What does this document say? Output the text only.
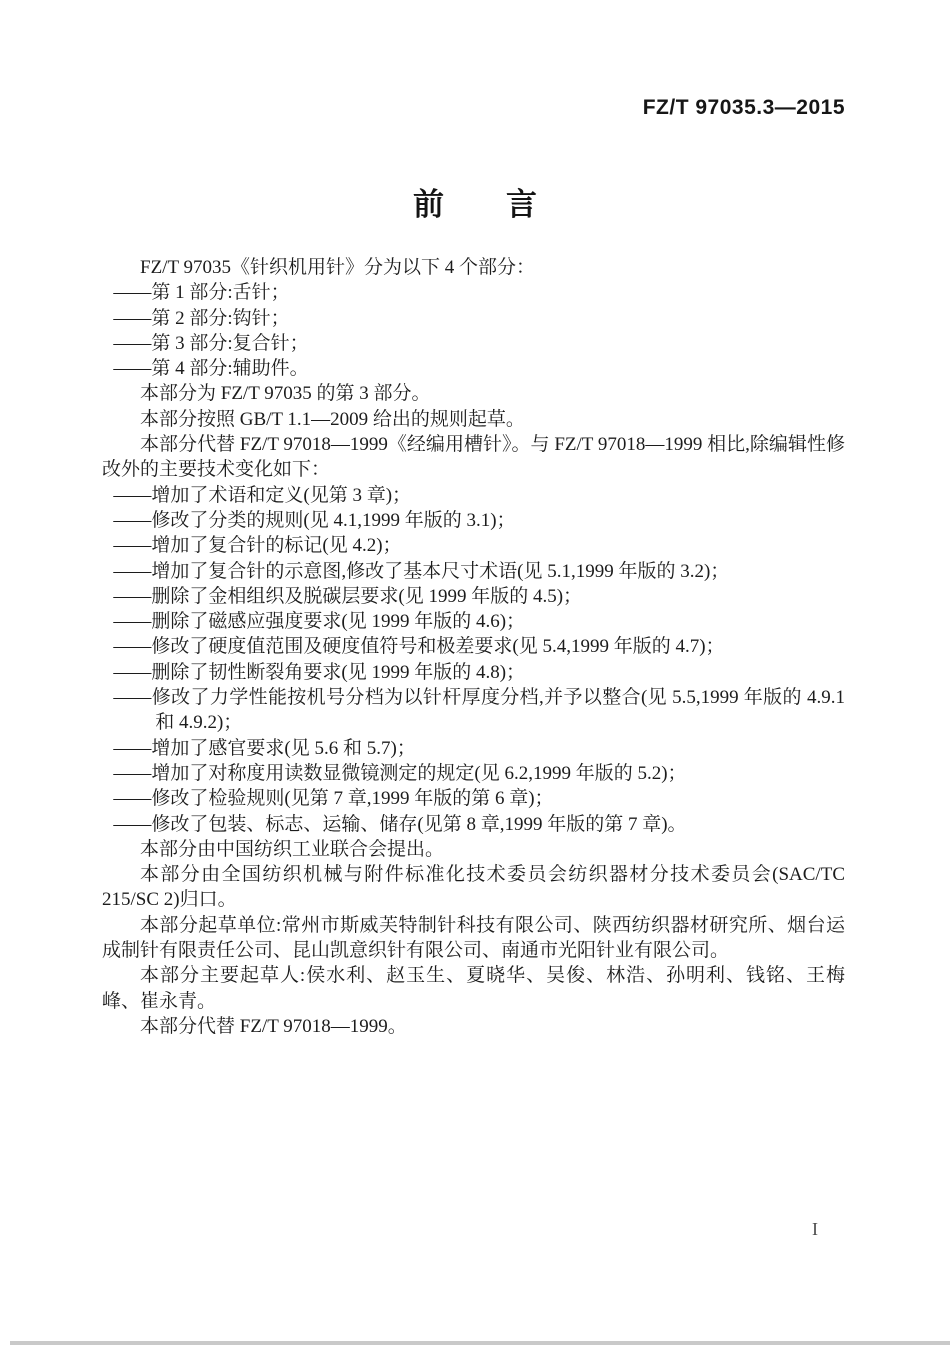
FZ/T 97035.3—2015
前　　言

FZ/T 97035《针织机用针》分为以下 4 个部分：

——第 1 部分:舌针；

——第 2 部分:钩针；

——第 3 部分:复合针；

——第 4 部分:辅助件。

本部分为 FZ/T 97035 的第 3 部分。

本部分按照 GB/T 1.1—2009 给出的规则起草。

本部分代替 FZ/T 97018—1999《经编用槽针》。与 FZ/T 97018—1999 相比,除编辑性修改外的主要技术变化如下：

——增加了术语和定义(见第 3 章)；

——修改了分类的规则(见 4.1,1999 年版的 3.1)；

——增加了复合针的标记(见 4.2)；

——增加了复合针的示意图,修改了基本尺寸术语(见 5.1,1999 年版的 3.2)；

——删除了金相组织及脱碳层要求(见 1999 年版的 4.5)；

——删除了磁感应强度要求(见 1999 年版的 4.6)；

——修改了硬度值范围及硬度值符号和极差要求(见 5.4,1999 年版的 4.7)；

——删除了韧性断裂角要求(见 1999 年版的 4.8)；

——修改了力学性能按机号分档为以针杆厚度分档,并予以整合(见 5.5,1999 年版的 4.9.1 和 4.9.2)；

——增加了感官要求(见 5.6 和 5.7)；

——增加了对称度用读数显微镜测定的规定(见 6.2,1999 年版的 5.2)；

——修改了检验规则(见第 7 章,1999 年版的第 6 章)；

——修改了包装、标志、运输、储存(见第 8 章,1999 年版的第 7 章)。

本部分由中国纺织工业联合会提出。

本部分由全国纺织机械与附件标准化技术委员会纺织器材分技术委员会(SAC/TC 215/SC 2)归口。

本部分起草单位:常州市斯威芙特制针科技有限公司、陕西纺织器材研究所、烟台运成制针有限责任公司、昆山凯意织针有限公司、南通市光阳针业有限公司。

本部分主要起草人:侯水利、赵玉生、夏晓华、吴俊、林浩、孙明利、钱铭、王梅峰、崔永青。

本部分代替 FZ/T 97018—1999。

I
